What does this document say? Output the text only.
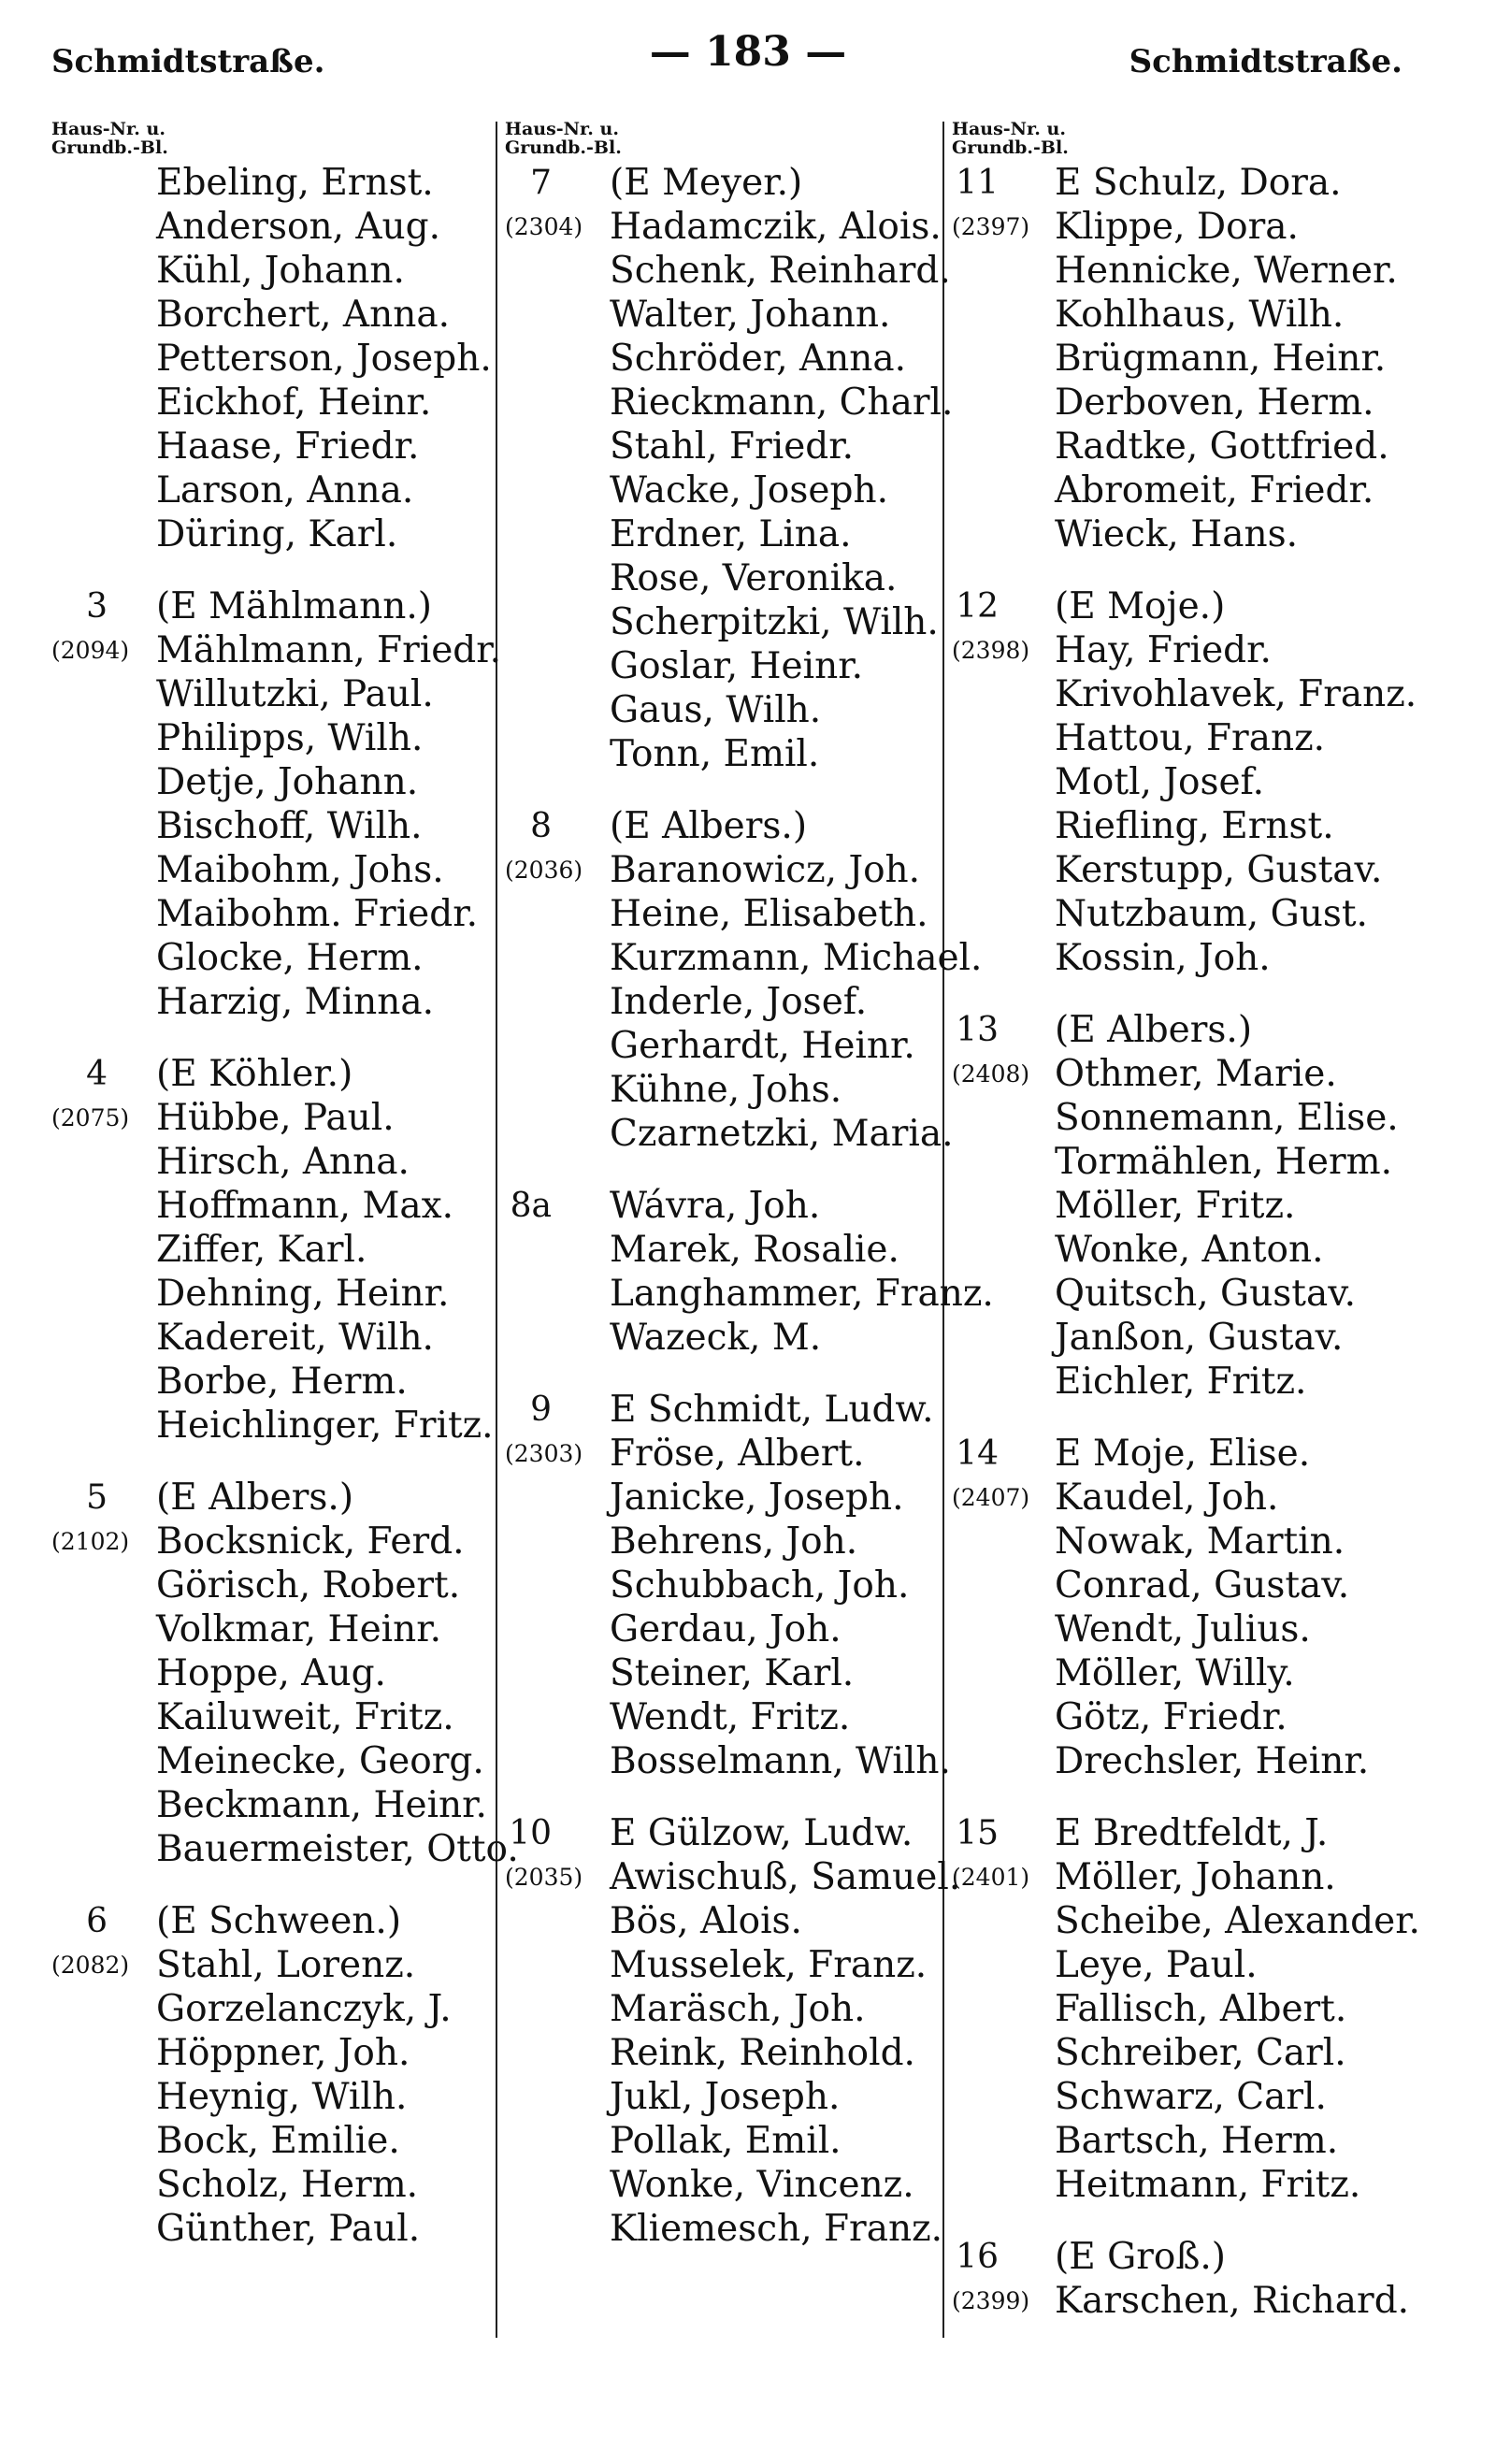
Schmidtstraße.	— 183 —	Schmidtstraße.
Haus-Nr. u.
Grundb.-Bl.
Ebeling, Ernst.
Anderson, Aug.
Kühl, Johann.
Borchert, Anna.
Petterson, Joseph.
Eickhof, Heinr.
Haase, Friedr.
Larson, Anna.
Düring, Karl.
3 (E Mählmann.)
(2094) Mählmann, Friedr.
Willutzki, Paul.
Philipps, Wilh.
Detje, Johann.
Bischoff, Wilh.
Maibohm, Johs.
Maibohm. Friedr.
Glocke, Herm.
Harzig, Minna.
4 (E Köhler.)
(2075) Hübbe, Paul.
Hirsch, Anna.
Hoffmann, Max.
Ziffer, Karl.
Dehning, Heinr.
Kadereit, Wilh.
Borbe, Herm.
Heichlinger, Fritz.
5 (E Albers.)
(2102) Bocksnick, Ferd.
Görisch, Robert.
Volkmar, Heinr.
Hoppe, Aug.
Kailuweit, Fritz.
Meinecke, Georg.
Beckmann, Heinr.
Bauermeister, Otto.
6 (E Schween.)
(2082) Stahl, Lorenz.
Gorzelanczyk, J.
Höppner, Joh.
Heynig, Wilh.
Bock, Emilie.
Scholz, Herm.
Günther, Paul.
Haus-Nr. u.
Grundb.-Bl.
7 (E Meyer.)
(2304) Hadamczik, Alois.
Schenk, Reinhard.
Walter, Johann.
Schröder, Anna.
Rieckmann, Charl.
Stahl, Friedr.
Wacke, Joseph.
Erdner, Lina.
Rose, Veronika.
Scherpitzki, Wilh.
Goslar, Heinr.
Gaus, Wilh.
Tonn, Emil.
8 (E Albers.)
(2036) Baranowicz, Joh.
Heine, Elisabeth.
Kurzmann, Michael.
Inderle, Josef.
Gerhardt, Heinr.
Kühne, Johs.
Czarnetzki, Maria.
8a Wávra, Joh.
Marek, Rosalie.
Langhammer, Franz.
Wazeck, M.
9 E Schmidt, Ludw.
(2303) Fröse, Albert.
Janicke, Joseph.
Behrens, Joh.
Schubbach, Joh.
Gerdau, Joh.
Steiner, Karl.
Wendt, Fritz.
Bosselmann, Wilh.
10 E Gülzow, Ludw.
(2035) Awischuß, Samuel.
Bös, Alois.
Musselek, Franz.
Maräsch, Joh.
Reink, Reinhold.
Jukl, Joseph.
Pollak, Emil.
Wonke, Vincenz.
Kliemesch, Franz.
Haus-Nr. u.
Grundb.-Bl.
11 E Schulz, Dora.
(2397) Klippe, Dora.
Hennicke, Werner.
Kohlhaus, Wilh.
Brügmann, Heinr.
Derboven, Herm.
Radtke, Gottfried.
Abromeit, Friedr.
Wieck, Hans.
12 (E Moje.)
(2398) Hay, Friedr.
Krivohlavek, Franz.
Hattou, Franz.
Motl, Josef.
Riefling, Ernst.
Kerstupp, Gustav.
Nutzbaum, Gust.
Kossin, Joh.
13 (E Albers.)
(2408) Othmer, Marie.
Sonnemann, Elise.
Tormählen, Herm.
Möller, Fritz.
Wonke, Anton.
Quitsch, Gustav.
Janßon, Gustav.
Eichler, Fritz.
14 E Moje, Elise.
(2407) Kaudel, Joh.
Nowak, Martin.
Conrad, Gustav.
Wendt, Julius.
Möller, Willy.
Götz, Friedr.
Drechsler, Heinr.
15 E Bredtfeldt, J.
(2401) Möller, Johann.
Scheibe, Alexander.
Leye, Paul.
Fallisch, Albert.
Schreiber, Carl.
Schwarz, Carl.
Bartsch, Herm.
Heitmann, Fritz.
16 (E Groß.)
(2399) Karschen, Richard.
